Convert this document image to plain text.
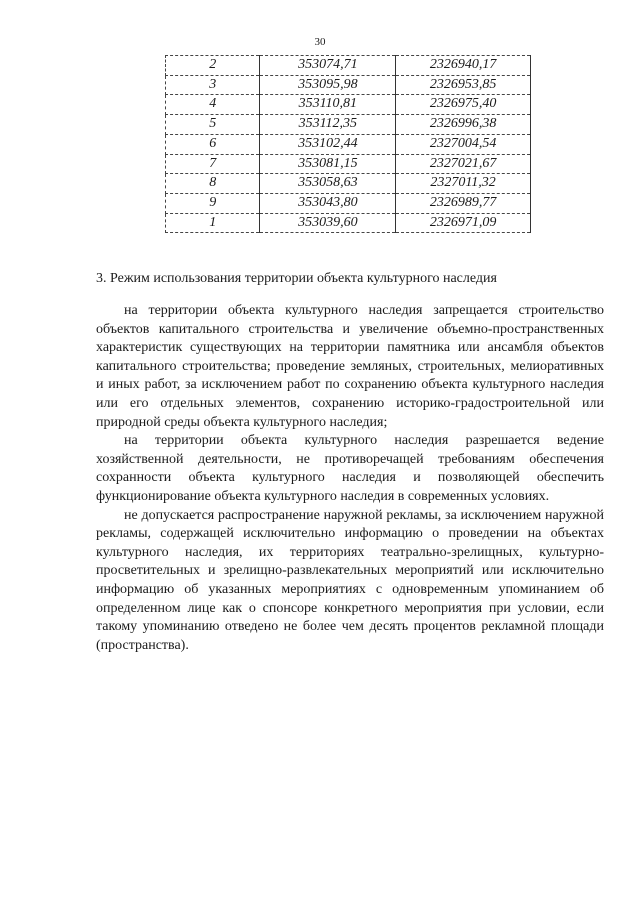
30
2	353074,71	2326940,17
3	353095,98	2326953,85
4	353110,81	2326975,40
5	353112,35	2326996,38
6	353102,44	2327004,54
7	353081,15	2327021,67
8	353058,63	2327011,32
9	353043,80	2326989,77
1	353039,60	2326971,09
3. Режим использования территории объекта культурного наследия

на территории объекта культурного наследия запрещается строительство объектов капитального строительства и увеличение объемно-пространственных характеристик существующих на территории памятника или ансамбля объектов капитального строительства; проведение земляных, строительных, мелиоративных и иных работ, за исключением работ по сохранению объекта культурного наследия или его отдельных элементов, сохранению историко-градостроительной или природной среды объекта культурного наследия;

на территории объекта культурного наследия разрешается ведение хозяйственной деятельности, не противоречащей требованиям обеспечения сохранности объекта культурного наследия и позволяющей обеспечить функционирование объекта культурного наследия в современных условиях.

не допускается распространение наружной рекламы, за исключением наружной рекламы, содержащей исключительно информацию о проведении на объектах культурного наследия, их территориях театрально-зрелищных, культурно-просветительных и зрелищно-развлекательных мероприятий или исключительно информацию об указанных мероприятиях с одновременным упоминанием об определенном лице как о спонсоре конкретного мероприятия при условии, если такому упоминанию отведено не более чем десять процентов рекламной площади (пространства).
